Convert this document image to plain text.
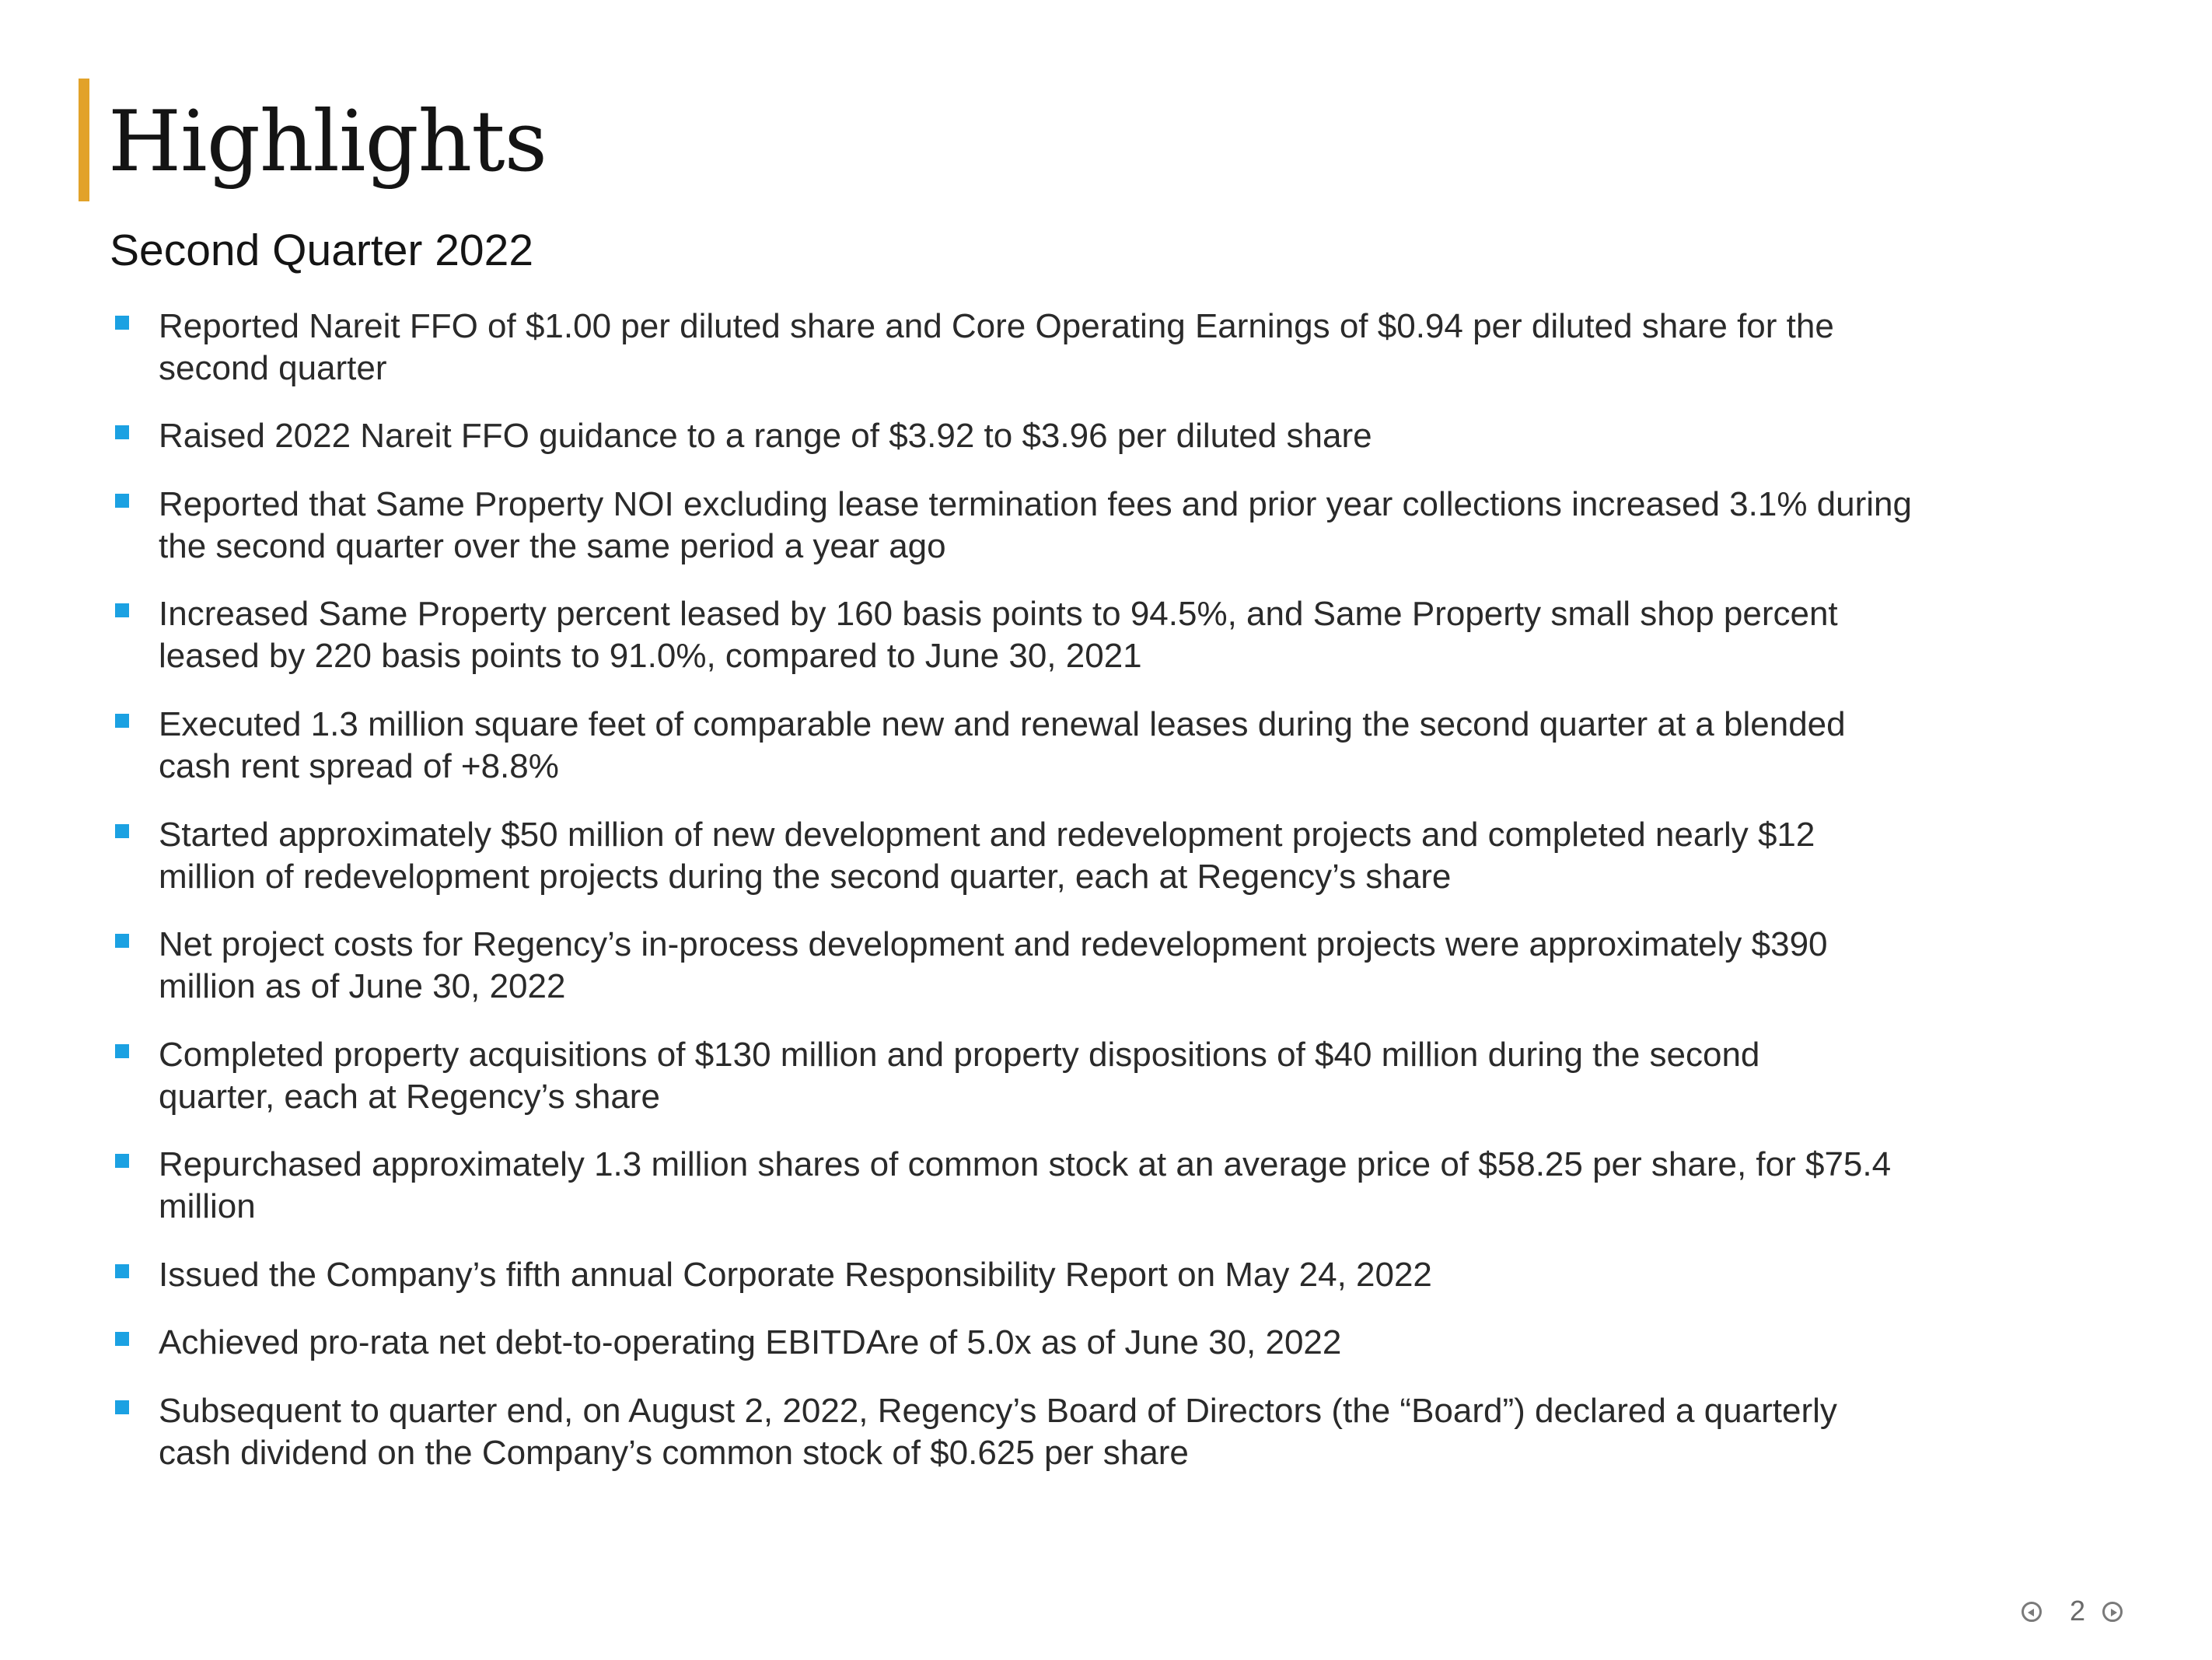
Highlights
Second Quarter 2022
Reported Nareit FFO of $1.00 per diluted share and Core Operating Earnings of $0.94 per diluted share for the
second quarter
Raised 2022 Nareit FFO guidance to a range of $3.92 to $3.96 per diluted share
Reported that Same Property NOI excluding lease termination fees and prior year collections increased 3.1% during
the second quarter over the same period a year ago
Increased Same Property percent leased by 160 basis points to 94.5%, and Same Property small shop percent
leased by 220 basis points to 91.0%, compared to June 30, 2021
Executed 1.3 million square feet of comparable new and renewal leases during the second quarter at a blended
cash rent spread of +8.8%
Started approximately $50 million of new development and redevelopment projects and completed nearly $12
million of redevelopment projects during the second quarter, each at Regency’s share
Net project costs for Regency’s in-process development and redevelopment projects were approximately $390
million as of June 30, 2022
Completed property acquisitions of $130 million and property dispositions of $40 million during the second
quarter, each at Regency’s share
Repurchased approximately 1.3 million shares of common stock at an average price of $58.25 per share, for $75.4
million
Issued the Company’s fifth annual Corporate Responsibility Report on May 24, 2022
Achieved pro-rata net debt-to-operating EBITDAre of 5.0x as of June 30, 2022
Subsequent to quarter end, on August 2, 2022, Regency’s Board of Directors (the “Board”) declared a quarterly
cash dividend on the Company’s common stock of $0.625 per share
2
